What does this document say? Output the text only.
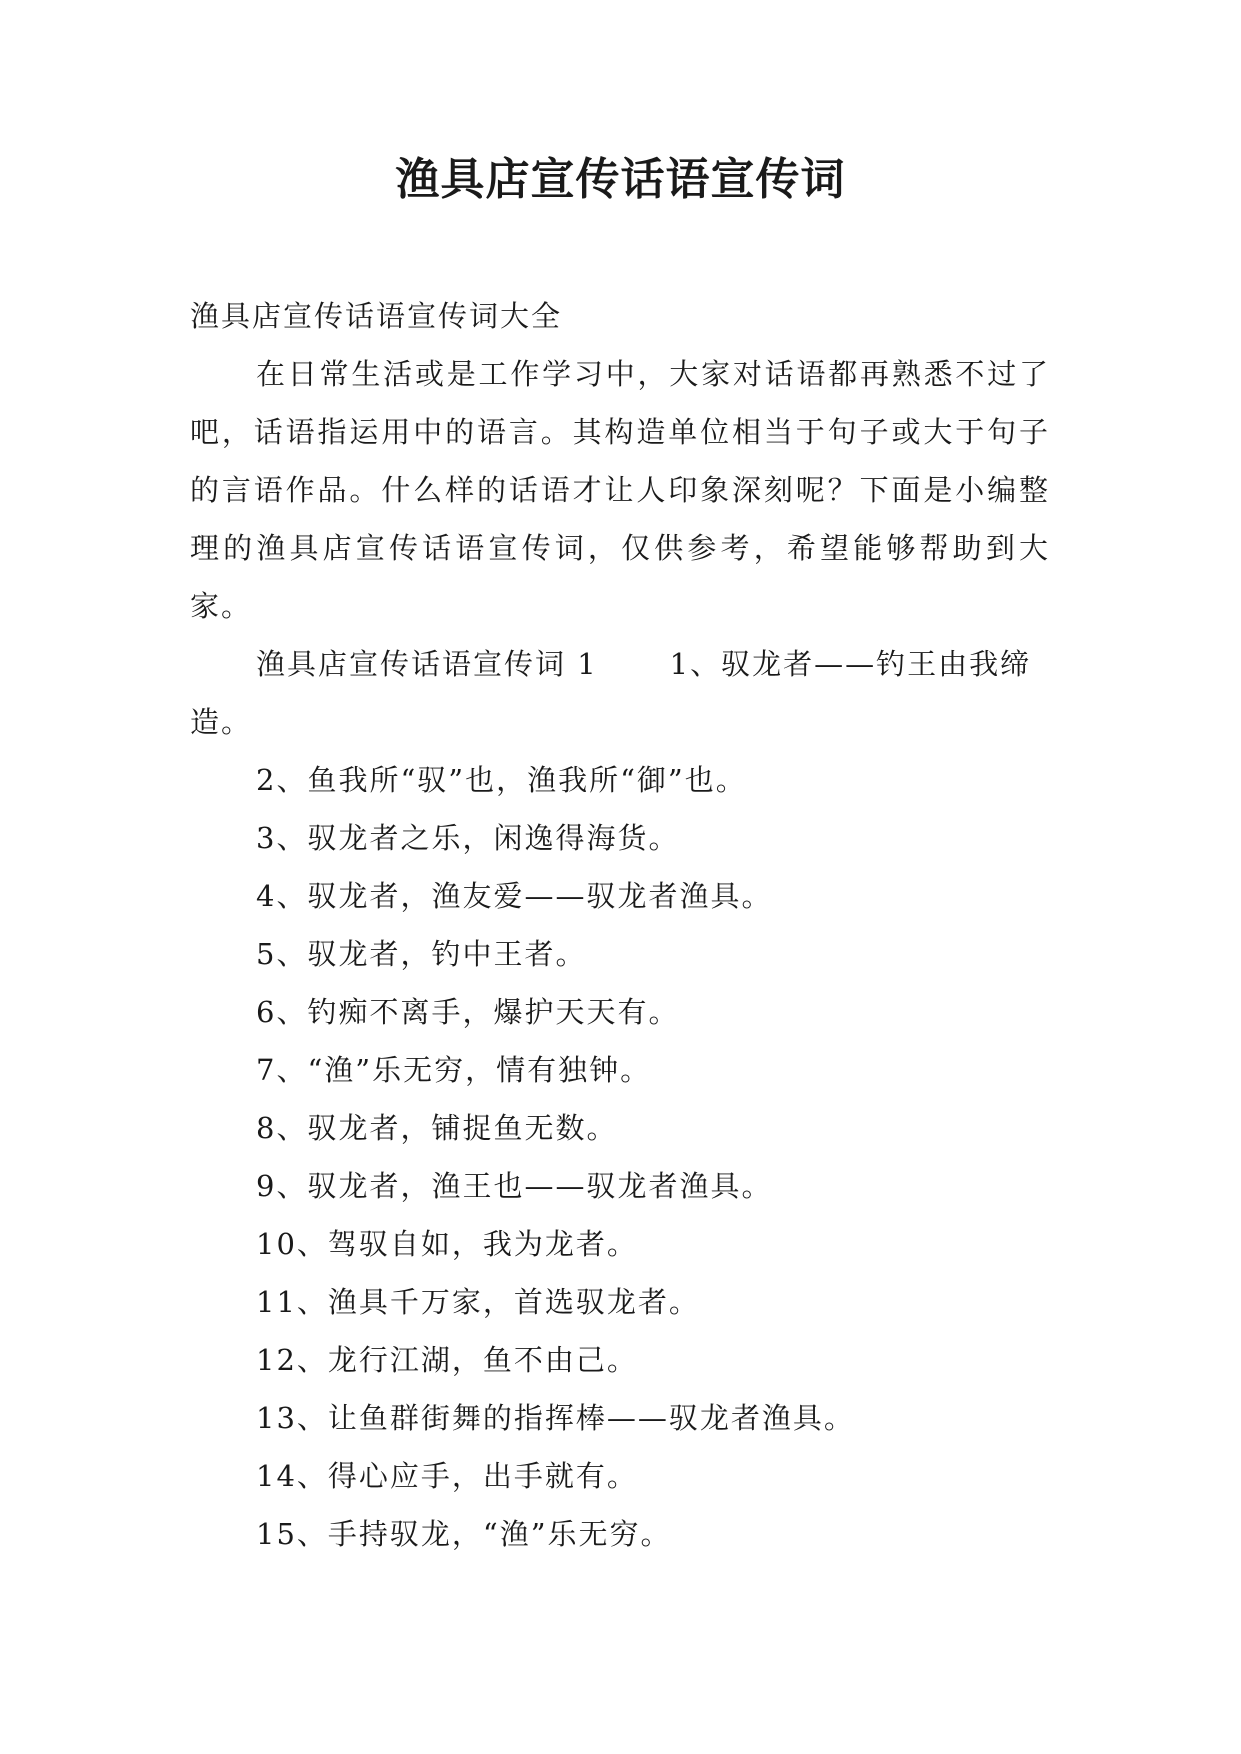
渔具店宣传话语宣传词

渔具店宣传话语宣传词大全

在日常生活或是工作学习中，大家对话语都再熟悉不过了吧，话语指运用中的语言。其构造单位相当于句子或大于句子的言语作品。什么样的话语才让人印象深刻呢？下面是小编整理的渔具店宣传话语宣传词，仅供参考，希望能够帮助到大家。

渔具店宣传话语宣传词 1 1、驭龙者——钓王由我缔造。

2、鱼我所“驭”也，渔我所“御”也。

3、驭龙者之乐，闲逸得海货。

4、驭龙者，渔友爱——驭龙者渔具。

5、驭龙者，钓中王者。

6、钓痴不离手，爆护天天有。

7、“渔”乐无穷，情有独钟。

8、驭龙者，铺捉鱼无数。

9、驭龙者，渔王也——驭龙者渔具。

10、驾驭自如，我为龙者。

11、渔具千万家，首选驭龙者。

12、龙行江湖，鱼不由己。

13、让鱼群街舞的指挥棒——驭龙者渔具。

14、得心应手，出手就有。

15、手持驭龙，“渔”乐无穷。
